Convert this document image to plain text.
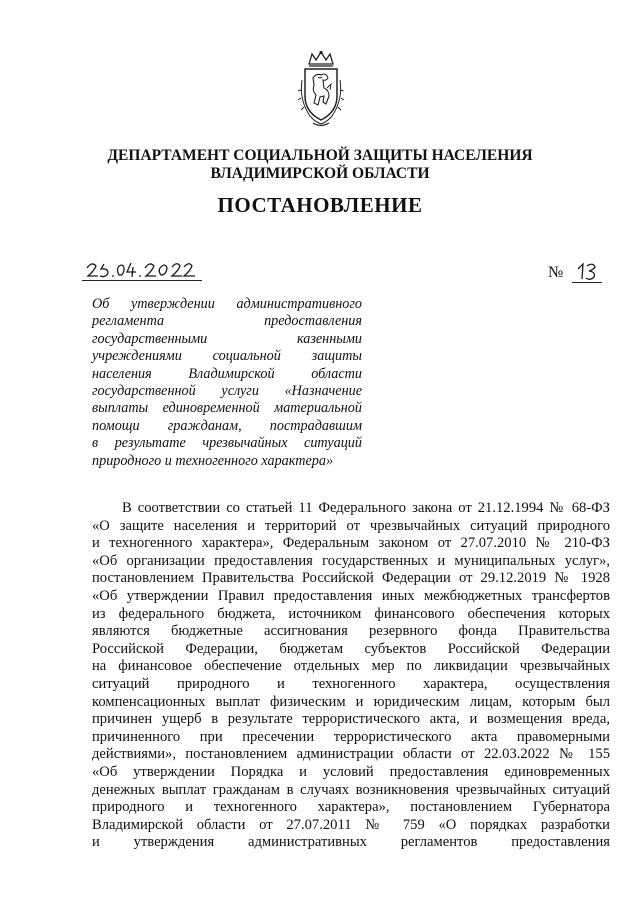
ДЕПАРТАМЕНТ СОЦИАЛЬНОЙ ЗАЩИТЫ НАСЕЛЕНИЯ
ВЛАДИМИРСКОЙ ОБЛАСТИ
ПОСТАНОВЛЕНИЕ
№
Об утверждении административного
регламента предоставления
государственными казенными
учреждениями социальной защиты
населения Владимирской области
государственной услуги «Назначение
выплаты единовременной материальной
помощи гражданам, пострадавшим
в результате чрезвычайных ситуаций
природного и техногенного характера»
В соответствии со статьей 11 Федерального закона от 21.12.1994 № 68-ФЗ
«О защите населения и территорий от чрезвычайных ситуаций природного
и техногенного характера», Федеральным законом от 27.07.2010 № 210-ФЗ
«Об организации предоставления государственных и муниципальных услуг»,
постановлением Правительства Российской Федерации от 29.12.2019 № 1928
«Об утверждении Правил предоставления иных межбюджетных трансфертов
из федерального бюджета, источником финансового обеспечения которых
являются бюджетные ассигнования резервного фонда Правительства
Российской Федерации, бюджетам субъектов Российской Федерации
на финансовое обеспечение отдельных мер по ликвидации чрезвычайных
ситуаций природного и техногенного характера, осуществления
компенсационных выплат физическим и юридическим лицам, которым был
причинен ущерб в результате террористического акта, и возмещения вреда,
причиненного при пресечении террористического акта правомерными
действиями», постановлением администрации области от 22.03.2022 № 155
«Об утверждении Порядка и условий предоставления единовременных
денежных выплат гражданам в случаях возникновения чрезвычайных ситуаций
природного и техногенного характера», постановлением Губернатора
Владимирской области от 27.07.2011 № 759 «О порядках разработки
и утверждения административных регламентов предоставления
